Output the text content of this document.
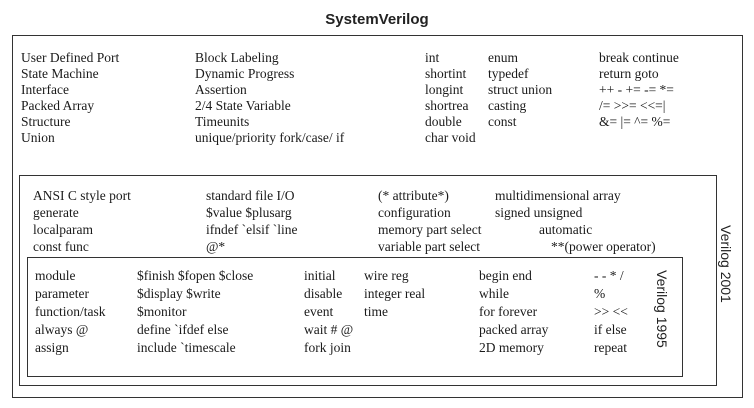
SystemVerilog
User Defined Port
State Machine
Interface
Packed Array
Structure
Union
Block Labeling
Dynamic Progress
Assertion
2/4 State Variable
Timeunits
unique/priority fork/case/ if
int
shortint
longint
shortrea
double
char void
enum
typedef
struct union
casting
const
break continue
return goto
++ - += -= *=
/= >>= <<=|
&= |= ^= %=
ANSI C style port
generate
localparam
const func
standard file I/O
$value $plusarg
ifndef `elsif `line
@*
(* attribute*)
configuration
memory part select
variable part select
multidimensional array
signed unsigned
automatic
**(power operator)	Verilog 2001
module
parameter
function/task
always @
assign
$finish $fopen $close
$display $write
$monitor
define `ifdef else
include `timescale
initial
disable
event
wait # @
fork join
wire reg
integer real
time
begin end
while
for forever
packed array
2D memory
- - * /
%
>> <<
if else
repeat Verilog 1995
